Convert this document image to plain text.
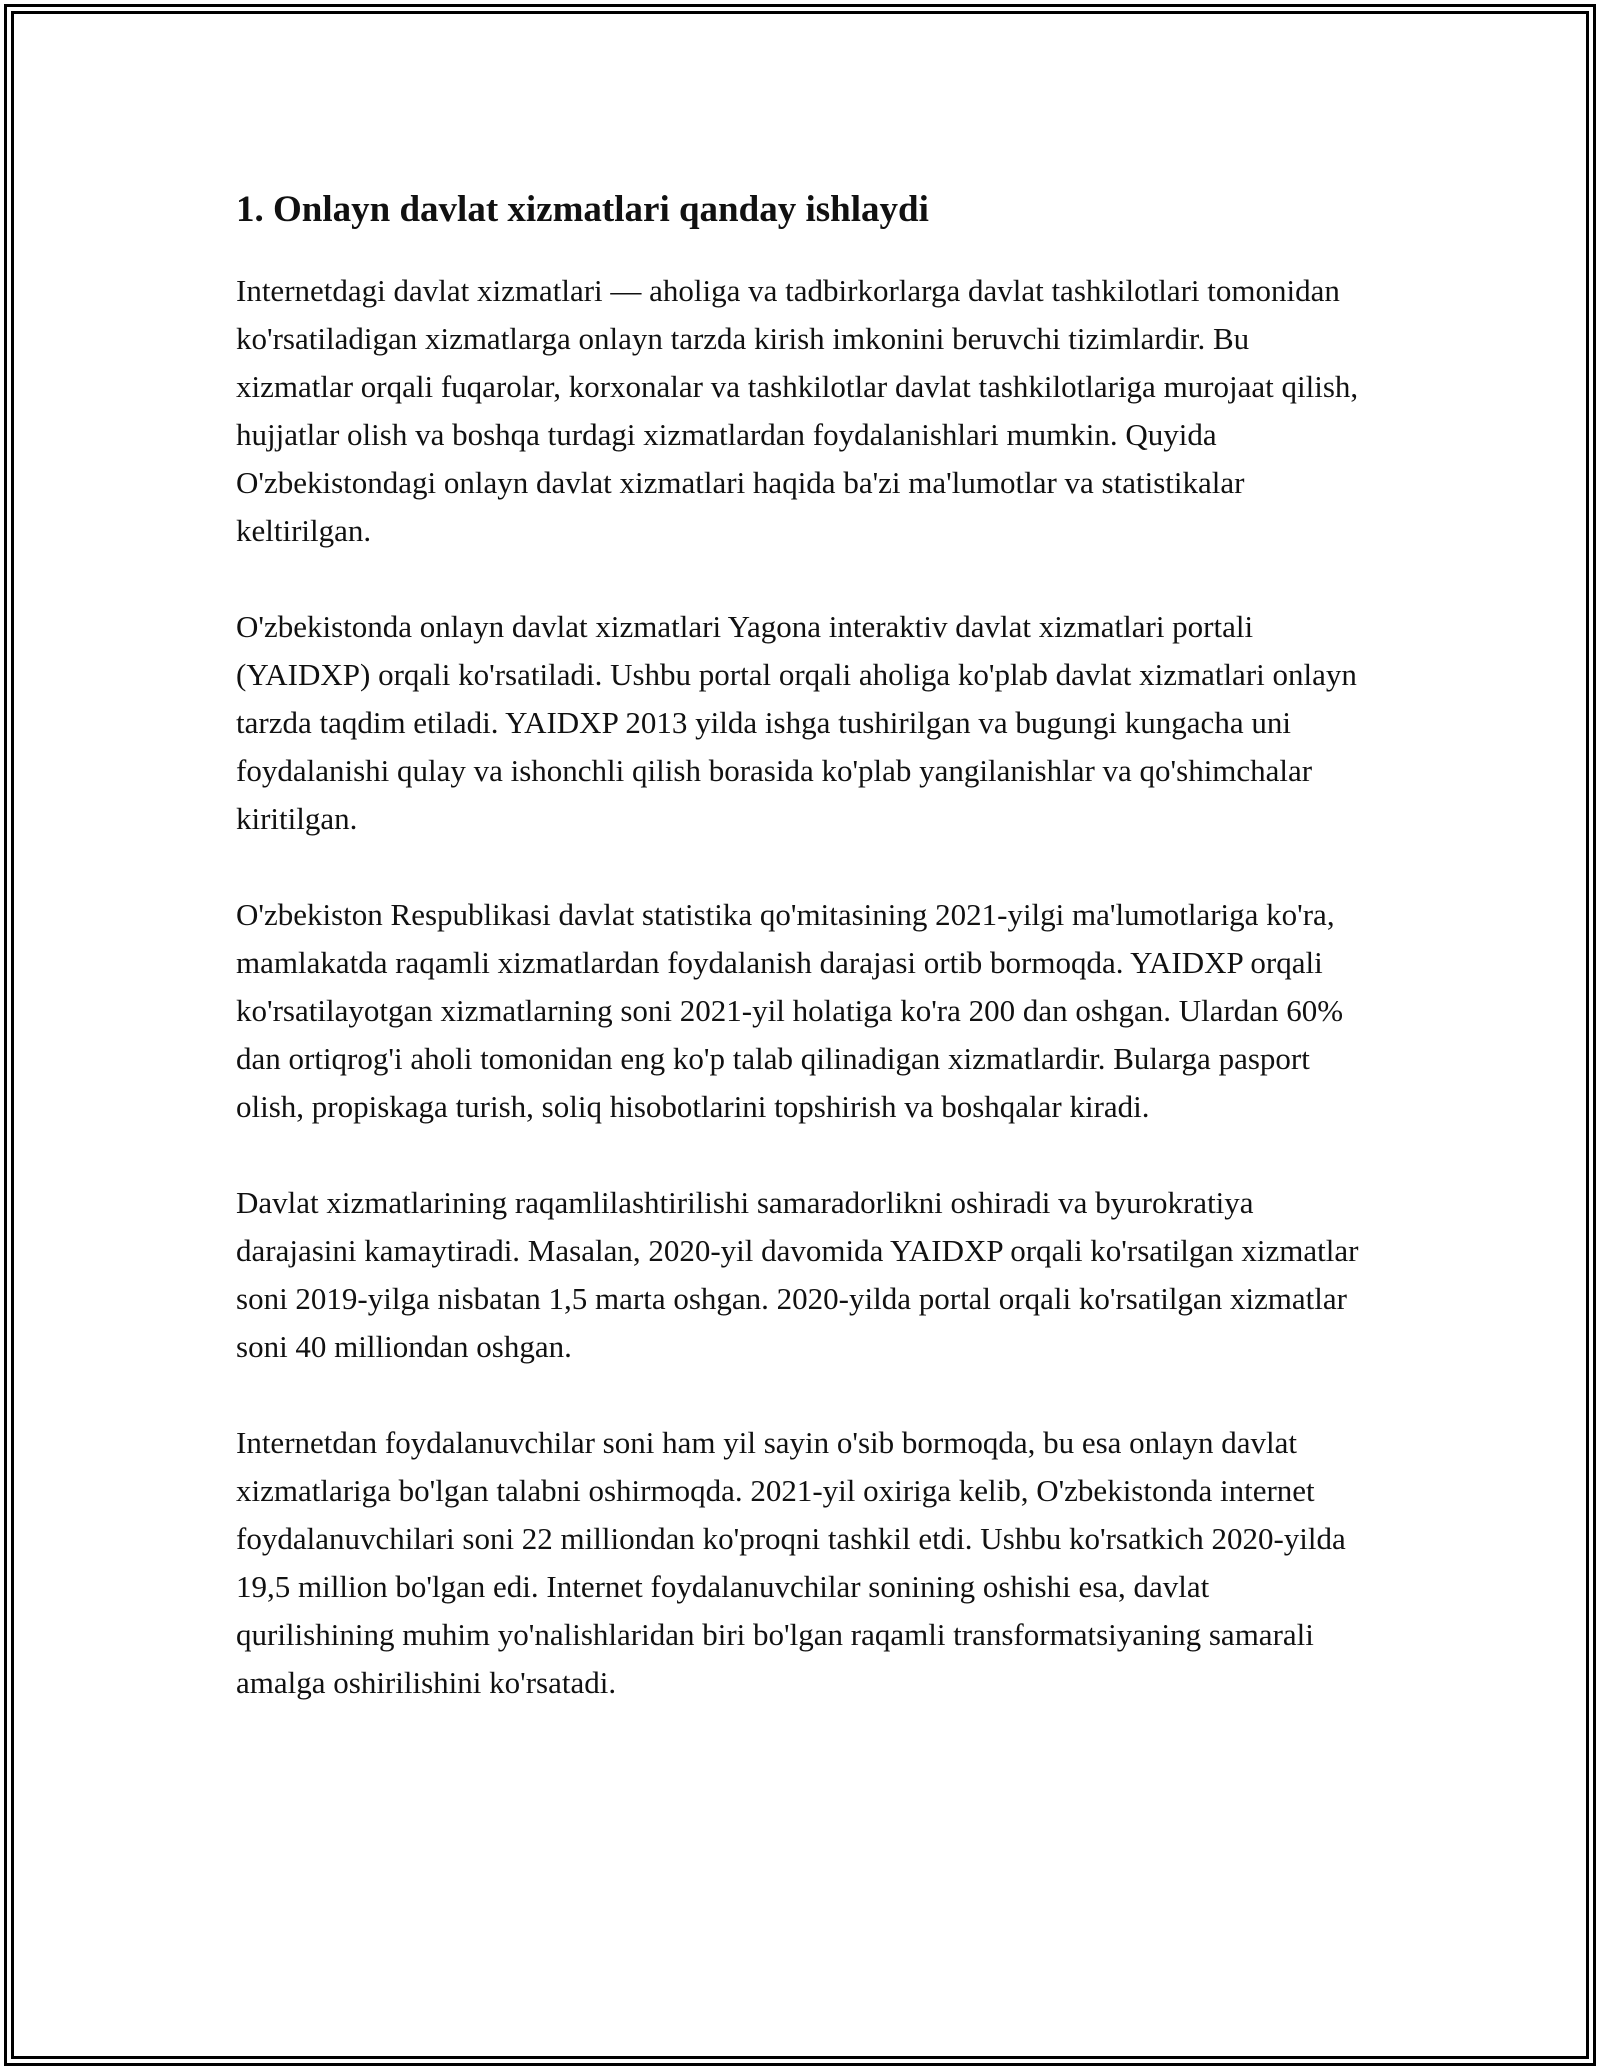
1. Onlayn davlat xizmatlari qanday ishlaydi

Internetdagi davlat xizmatlari — aholiga va tadbirkorlarga davlat tashkilotlari tomonidan ko'rsatiladigan xizmatlarga onlayn tarzda kirish imkonini beruvchi tizimlardir. Bu xizmatlar orqali fuqarolar, korxonalar va tashkilotlar davlat tashkilotlariga murojaat qilish, hujjatlar olish va boshqa turdagi xizmatlardan foydalanishlari mumkin. Quyida O'zbekistondagi onlayn davlat xizmatlari haqida ba'zi ma'lumotlar va statistikalar keltirilgan.

O'zbekistonda onlayn davlat xizmatlari Yagona interaktiv davlat xizmatlari portali (YAIDXP) orqali ko'rsatiladi. Ushbu portal orqali aholiga ko'plab davlat xizmatlari onlayn tarzda taqdim etiladi. YAIDXP 2013 yilda ishga tushirilgan va bugungi kungacha uni foydalanishi qulay va ishonchli qilish borasida ko'plab yangilanishlar va qo'shimchalar kiritilgan.

O'zbekiston Respublikasi davlat statistika qo'mitasining 2021-yilgi ma'lumotlariga ko'ra, mamlakatda raqamli xizmatlardan foydalanish darajasi ortib bormoqda. YAIDXP orqali ko'rsatilayotgan xizmatlarning soni 2021-yil holatiga ko'ra 200 dan oshgan. Ulardan 60% dan ortiqrog'i aholi tomonidan eng ko'p talab qilinadigan xizmatlardir. Bularga pasport olish, propiskaga turish, soliq hisobotlarini topshirish va boshqalar kiradi.

Davlat xizmatlarining raqamlilashtirilishi samaradorlikni oshiradi va byurokratiya darajasini kamaytiradi. Masalan, 2020-yil davomida YAIDXP orqali ko'rsatilgan xizmatlar soni 2019-yilga nisbatan 1,5 marta oshgan. 2020-yilda portal orqali ko'rsatilgan xizmatlar soni 40 milliondan oshgan.

Internetdan foydalanuvchilar soni ham yil sayin o'sib bormoqda, bu esa onlayn davlat xizmatlariga bo'lgan talabni oshirmoqda. 2021-yil oxiriga kelib, O'zbekistonda internet foydalanuvchilari soni 22 milliondan ko'proqni tashkil etdi. Ushbu ko'rsatkich 2020-yilda 19,5 million bo'lgan edi. Internet foydalanuvchilar sonining oshishi esa, davlat qurilishining muhim yo'nalishlaridan biri bo'lgan raqamli transformatsiyaning samarali amalga oshirilishini ko'rsatadi.
